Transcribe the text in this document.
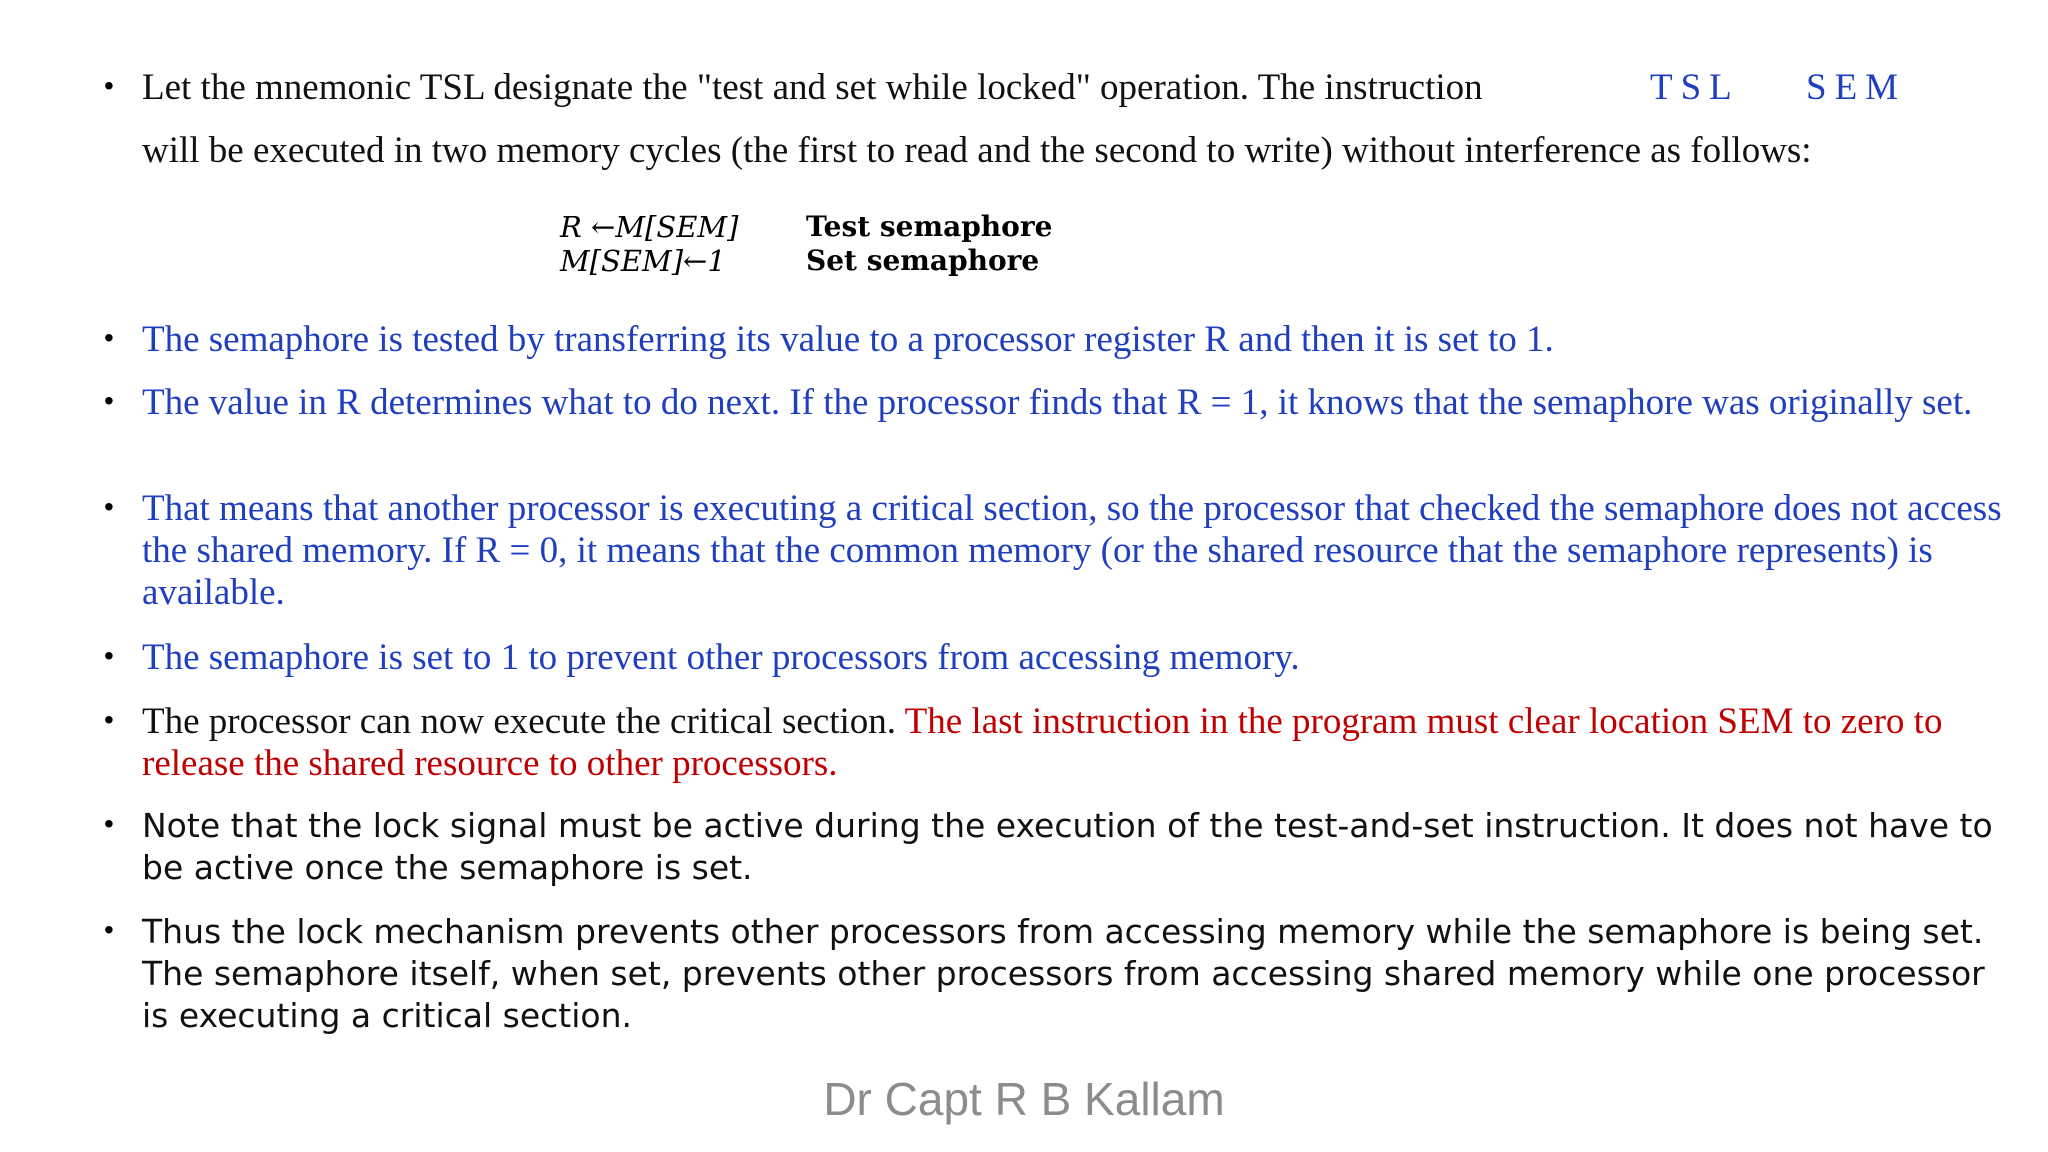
• Let the mnemonic TSL designate the "test and set while locked" operation. The instruction	TSL SEM
will be executed in two memory cycles (the first to read and the second to write) without interference as follows:
R ←M[SEM]	Test semaphore
M[SEM]←1	Set semaphore
• The semaphore is tested by transferring its value to a processor register R and then it is set to 1.
• The value in R determines what to do next. If the processor finds that R = 1, it knows that the semaphore was originally set.
• That means that another processor is executing a critical section, so the processor that checked the semaphore does not access the shared memory. If R = 0, it means that the common memory (or the shared resource that the semaphore represents) is available.
• The semaphore is set to 1 to prevent other processors from accessing memory.
• The processor can now execute the critical section. The last instruction in the program must clear location SEM to zero to release the shared resource to other processors.
• Note that the lock signal must be active during the execution of the test-and-set instruction. It does not have to be active once the semaphore is set.
• Thus the lock mechanism prevents other processors from accessing memory while the semaphore is being set. The semaphore itself, when set, prevents other processors from accessing shared memory while one processor is executing a critical section.
Dr Capt R B Kallam
